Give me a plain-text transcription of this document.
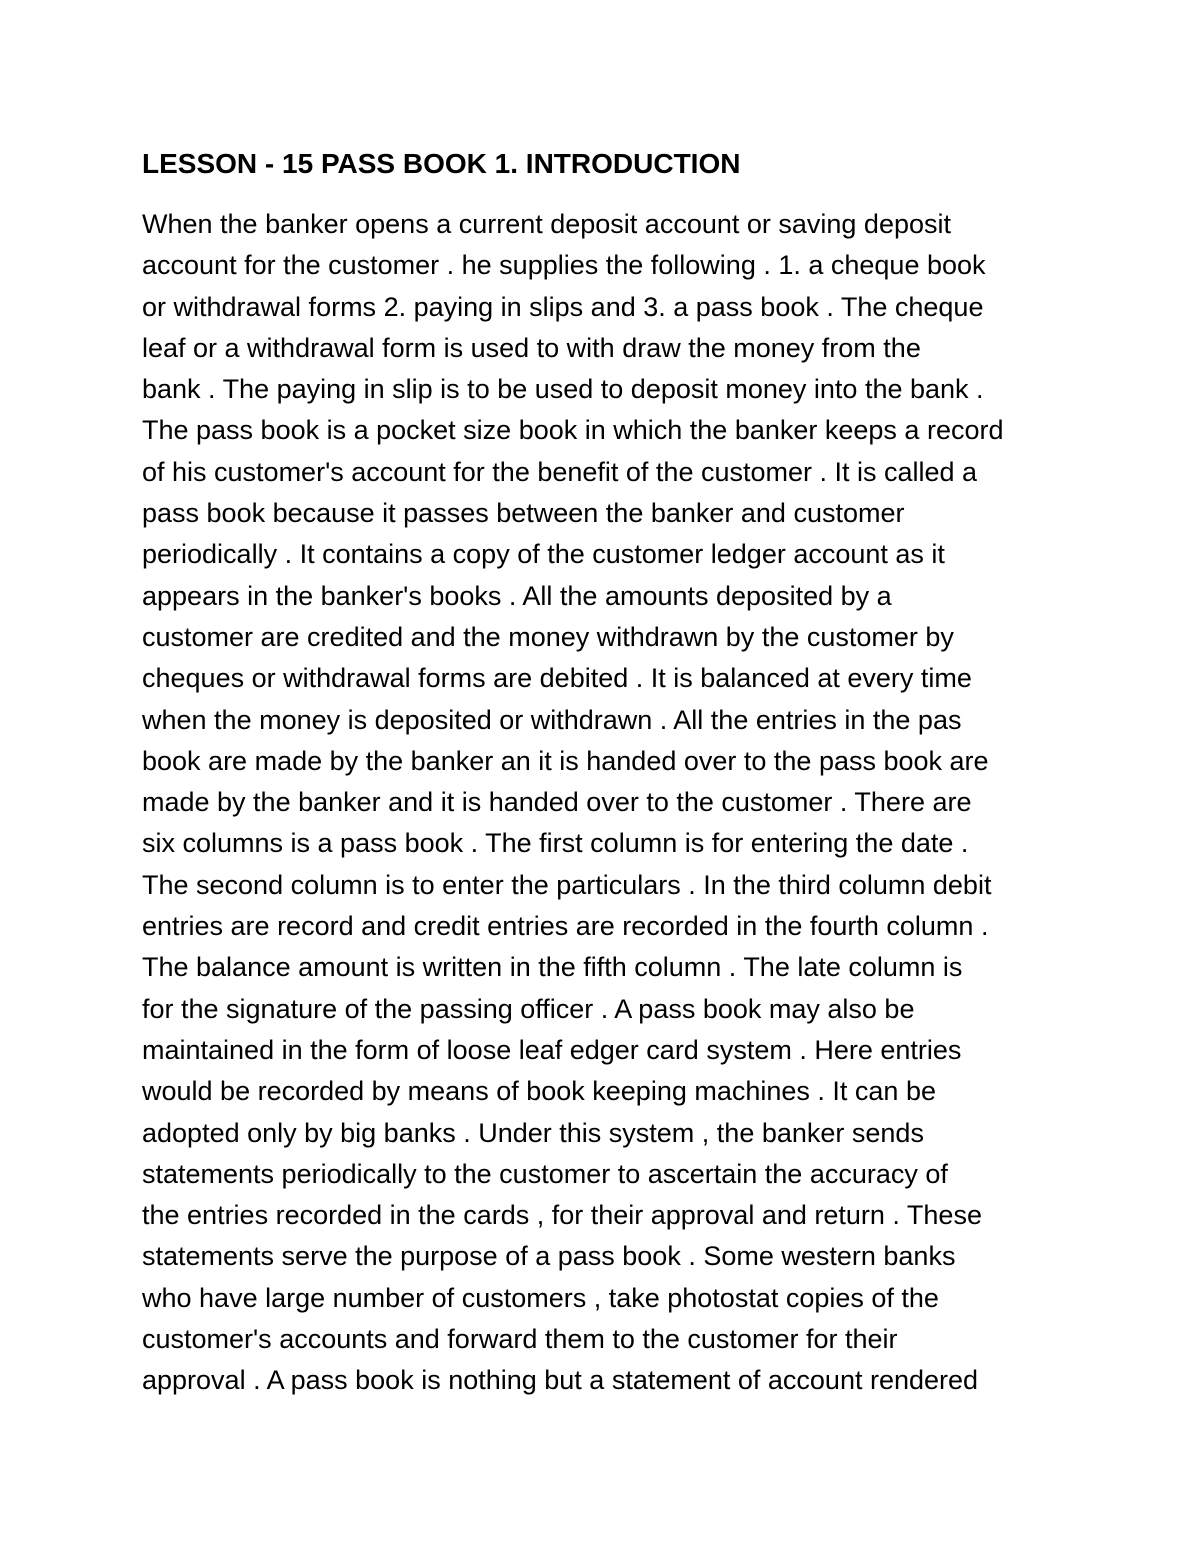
LESSON - 15 PASS BOOK 1. INTRODUCTION
When the banker opens a current deposit account or saving deposit
account for the customer . he supplies the following . 1. a cheque book
or withdrawal forms 2. paying in slips and 3. a pass book . The cheque
leaf or a withdrawal form is used to with draw the money from the
bank . The paying in slip is to be used to deposit money into the bank .
The pass book is a pocket size book in which the banker keeps a record
of his customer's account for the benefit of the customer . It is called a
pass book because it passes between the banker and customer
periodically . It contains a copy of the customer ledger account as it
appears in the banker's books . All the amounts deposited by a
customer are credited and the money withdrawn by the customer by
cheques or withdrawal forms are debited . It is balanced at every time
when the money is deposited or withdrawn . All the entries in the pas
book are made by the banker an it is handed over to the pass book are
made by the banker and it is handed over to the customer . There are
six columns is a pass book . The first column is for entering the date .
The second column is to enter the particulars . In the third column debit
entries are record and credit entries are recorded in the fourth column .
The balance amount is written in the fifth column . The late column is
for the signature of the passing officer . A pass book may also be
maintained in the form of loose leaf edger card system . Here entries
would be recorded by means of book keeping machines . It can be
adopted only by big banks . Under this system , the banker sends
statements periodically to the customer to ascertain the accuracy of
the entries recorded in the cards , for their approval and return . These
statements serve the purpose of a pass book . Some western banks
who have large number of customers , take photostat copies of the
customer's accounts and forward them to the customer for their
approval . A pass book is nothing but a statement of account rendered
